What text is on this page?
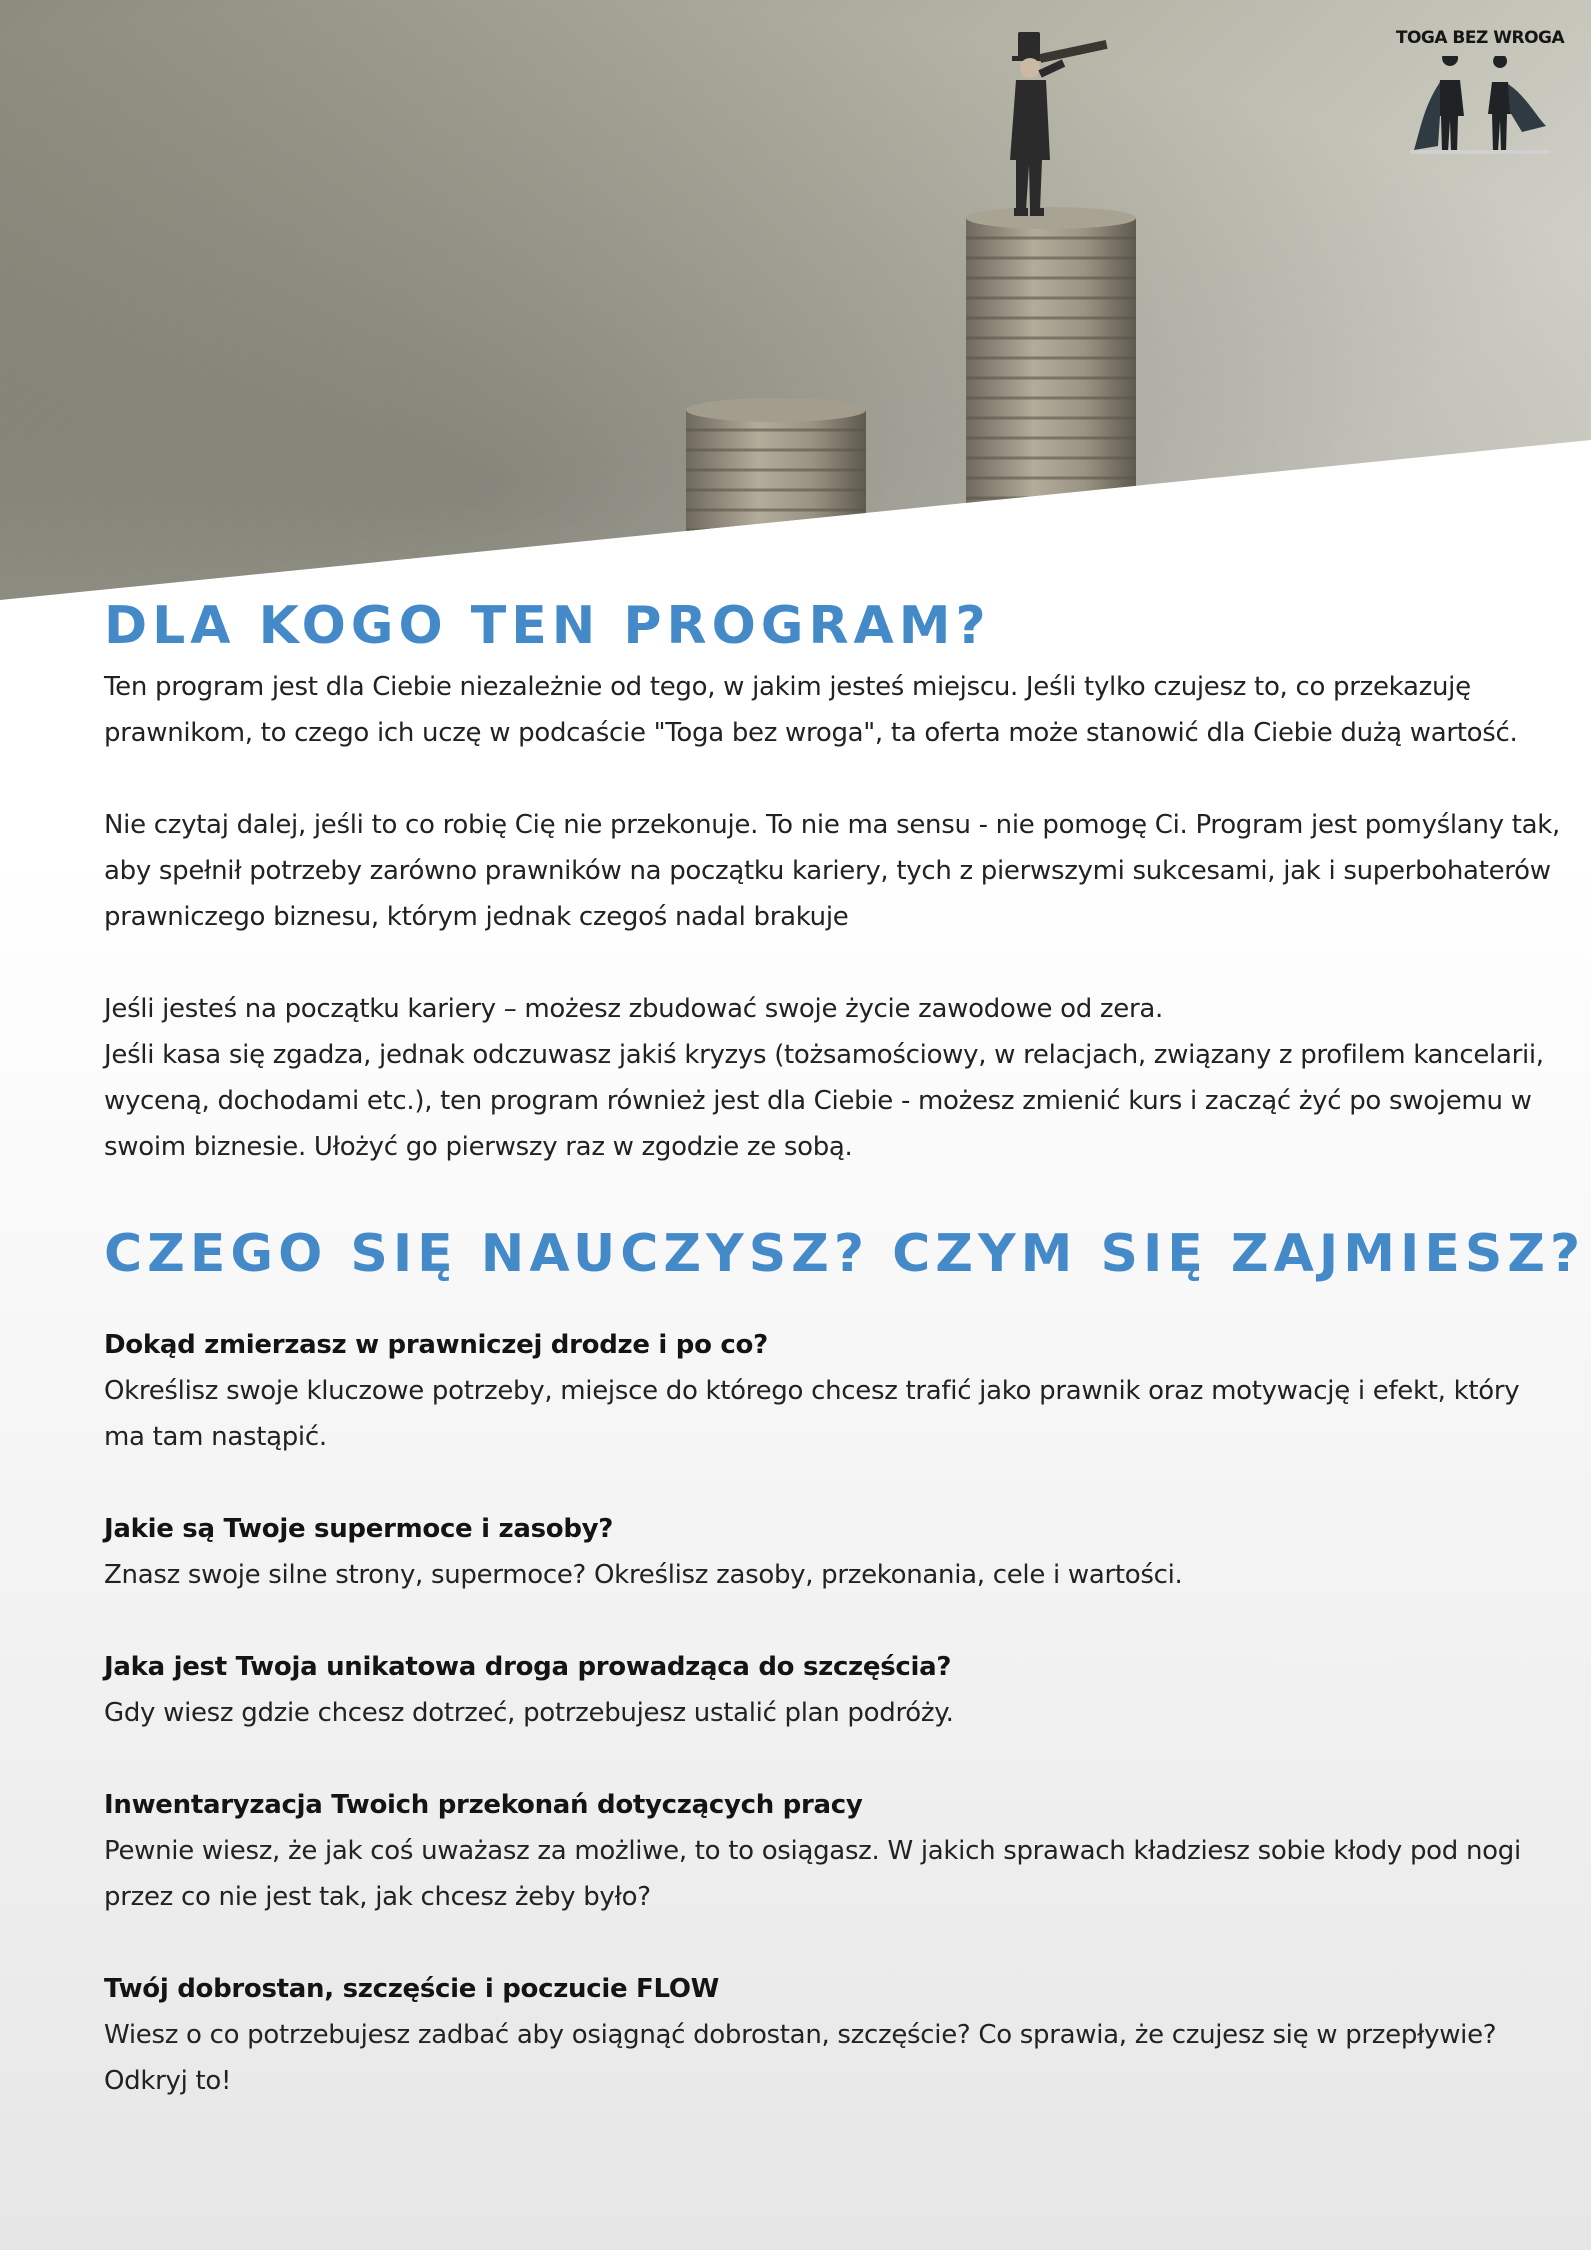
TOGA BEZ WROGA
DLA KOGO TEN PROGRAM?

Ten program jest dla Ciebie niezależnie od tego, w jakim jesteś miejscu. Jeśli tylko czujesz to, co przekazuję prawnikom, to czego ich uczę w podcaście "Toga bez wroga", ta oferta może stanowić dla Ciebie dużą wartość.

Nie czytaj dalej, jeśli to co robię Cię nie przekonuje. To nie ma sensu - nie pomogę Ci. Program jest pomyślany tak, aby spełnił potrzeby zarówno prawników na początku kariery, tych z pierwszymi sukcesami, jak i superbohaterów prawniczego biznesu, którym jednak czegoś nadal brakuje

Jeśli jesteś na początku kariery – możesz zbudować swoje życie zawodowe od zera.

Jeśli kasa się zgadza, jednak odczuwasz jakiś kryzys (tożsamościowy, w relacjach, związany z profilem kancelarii, wyceną, dochodami etc.), ten program również jest dla Ciebie - możesz zmienić kurs i zacząć żyć po swojemu w swoim biznesie. Ułożyć go pierwszy raz w zgodzie ze sobą.

CZEGO SIĘ NAUCZYSZ? CZYM SIĘ ZAJMIESZ?

Dokąd zmierzasz w prawniczej drodze i po co?

Określisz swoje kluczowe potrzeby, miejsce do którego chcesz trafić jako prawnik oraz motywację i efekt, który ma tam nastąpić.

Jakie są Twoje supermoce i zasoby?

Znasz swoje silne strony, supermoce? Określisz zasoby, przekonania, cele i wartości.

Jaka jest Twoja unikatowa droga prowadząca do szczęścia?

Gdy wiesz gdzie chcesz dotrzeć, potrzebujesz ustalić plan podróży.

Inwentaryzacja Twoich przekonań dotyczących pracy

Pewnie wiesz, że jak coś uważasz za możliwe, to to osiągasz. W jakich sprawach kładziesz sobie kłody pod nogi przez co nie jest tak, jak chcesz żeby było?

Twój dobrostan, szczęście i poczucie FLOW

Wiesz o co potrzebujesz zadbać aby osiągnąć dobrostan, szczęście? Co sprawia, że czujesz się w przepływie? Odkryj to!
